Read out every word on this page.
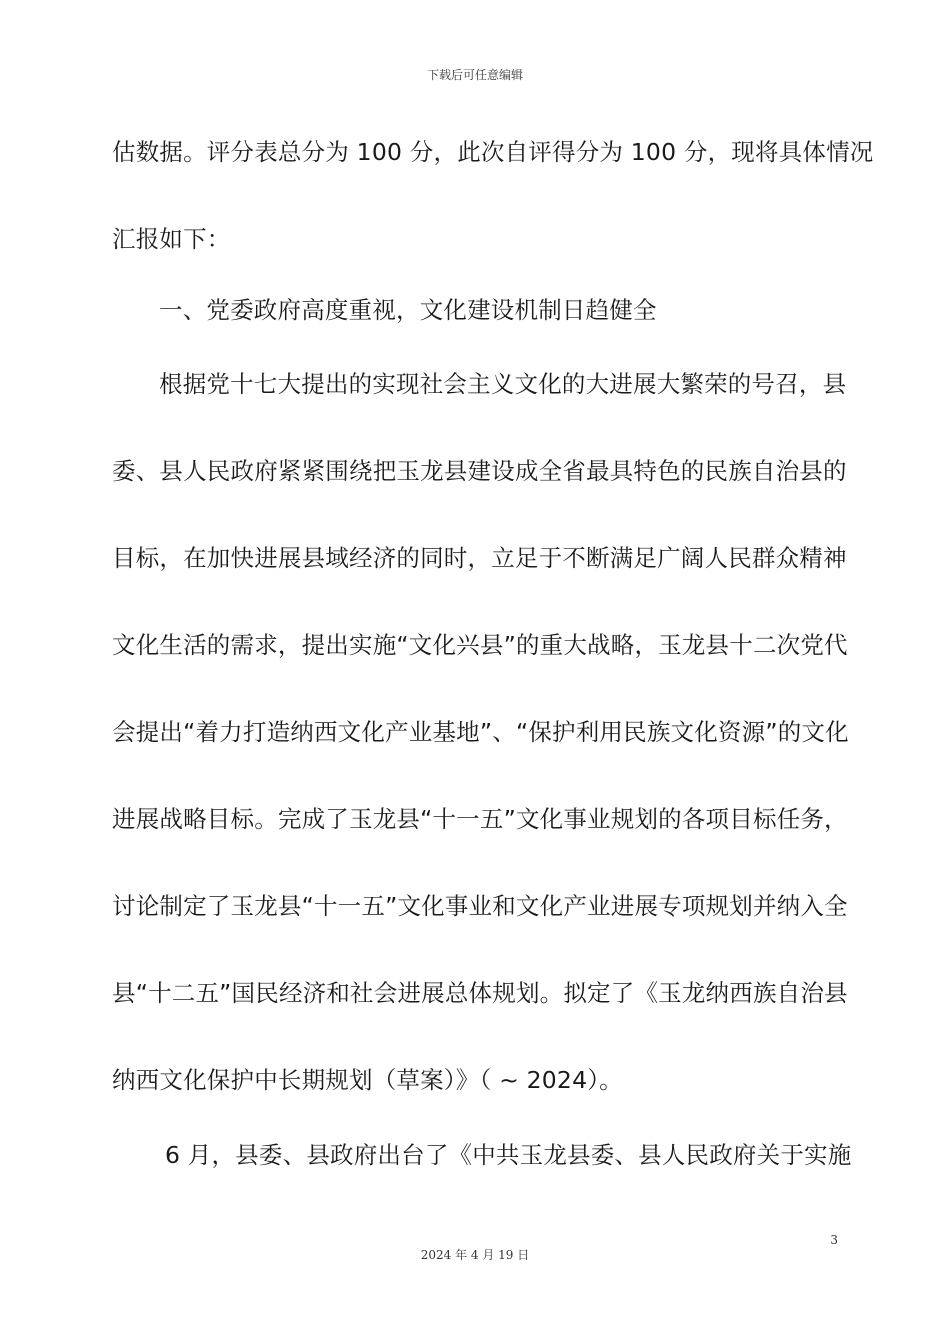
下载后可任意编辑
估数据。评分表总分为 100 分，此次自评得分为 100 分，现将具体情况
汇报如下：
一、党委政府高度重视，文化建设机制日趋健全
根据党十七大提出的实现社会主义文化的大进展大繁荣的号召，县
委、县人民政府紧紧围绕把玉龙县建设成全省最具特色的民族自治县的
目标，在加快进展县域经济的同时，立足于不断满足广阔人民群众精神
文化生活的需求，提出实施“文化兴县”的重大战略，玉龙县十二次党代
会提出“着力打造纳西文化产业基地”、“保护利用民族文化资源”的文化
进展战略目标。完成了玉龙县“十一五”文化事业规划的各项目标任务，
讨论制定了玉龙县“十一五”文化事业和文化产业进展专项规划并纳入全
县“十二五”国民经济和社会进展总体规划。拟定了《玉龙纳西族自治县
纳西文化保护中长期规划（草案）》（ ~ 2024）。
6 月，县委、县政府出台了《中共玉龙县委、县人民政府关于实施
3
2024 年 4 月 19 日
